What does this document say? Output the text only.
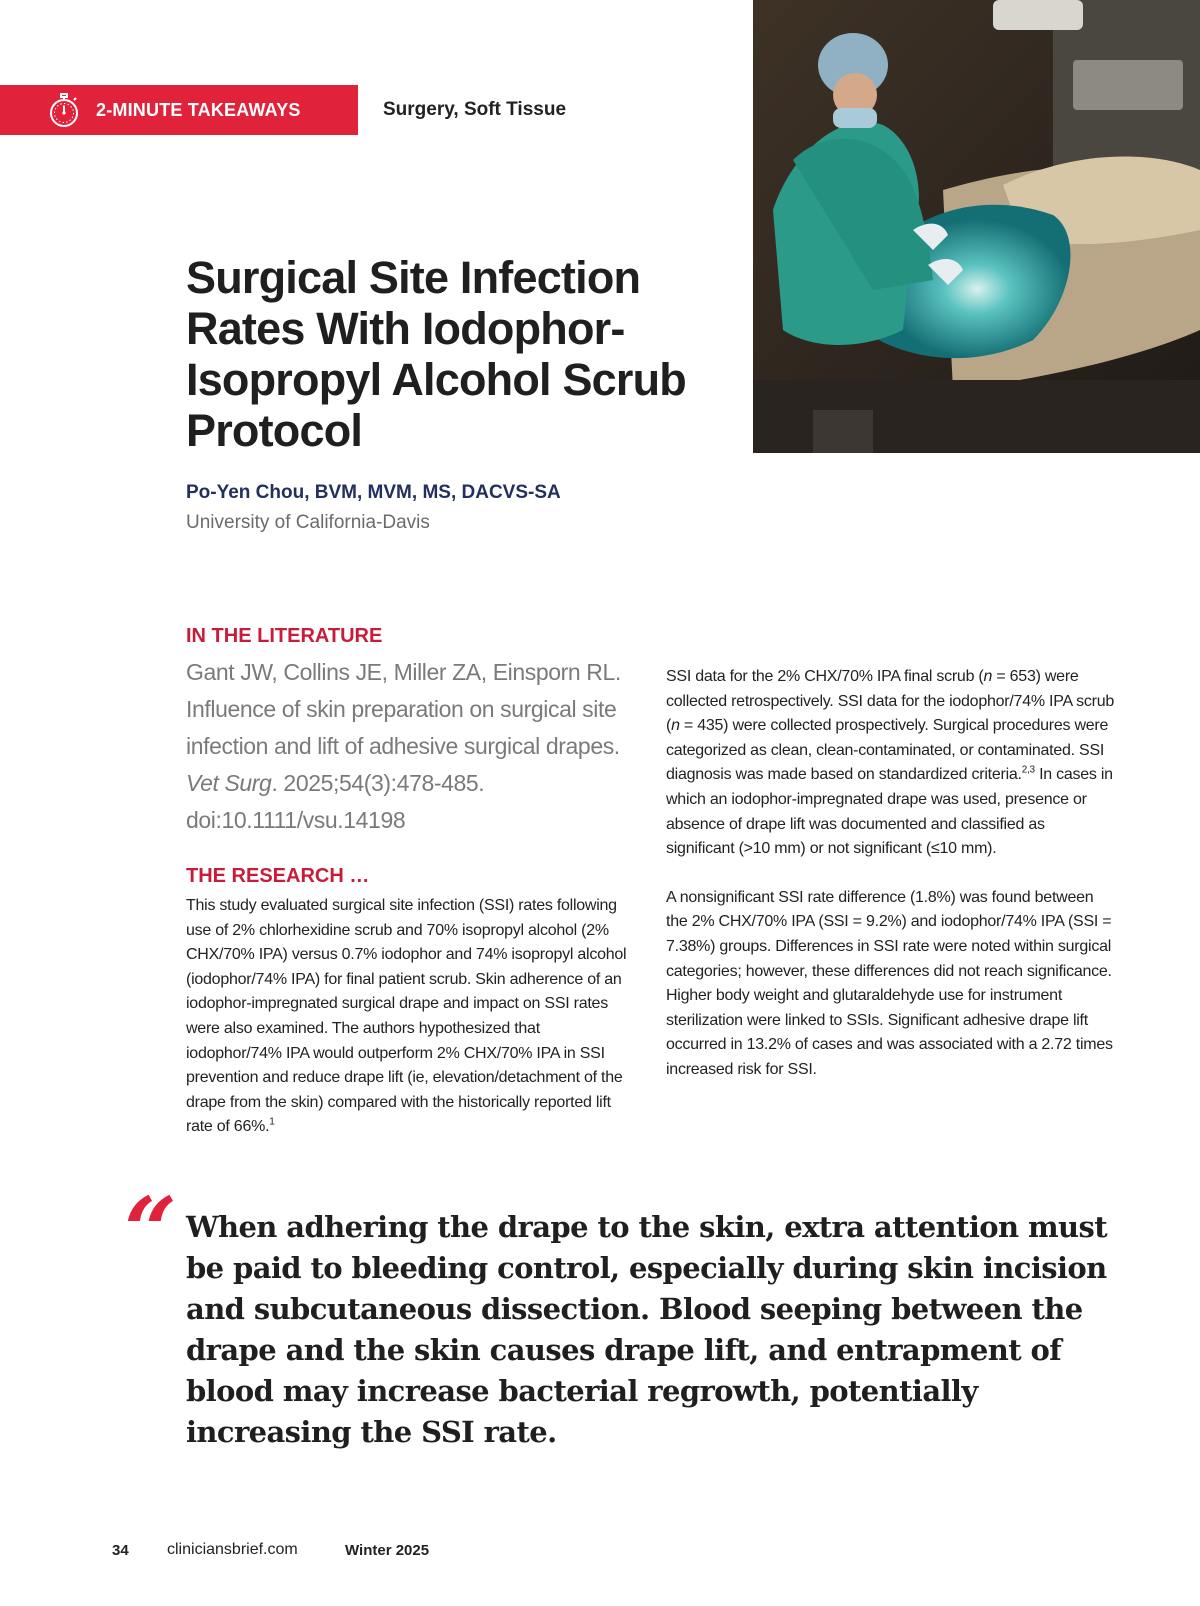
2-MINUTE TAKEAWAYS	Surgery, Soft Tissue
Surgical Site Infection Rates With Iodophor-Isopropyl Alcohol Scrub Protocol
Po-Yen Chou, BVM, MVM, MS, DACVS-SA
University of California-Davis
IN THE LITERATURE

Gant JW, Collins JE, Miller ZA, Einsporn RL. Influence of skin preparation on surgical site infection and lift of adhesive surgical drapes. Vet Surg. 2025;54(3):478-485. doi:10.1111/vsu.14198

THE RESEARCH …

This study evaluated surgical site infection (SSI) rates following use of 2% chlorhexidine scrub and 70% isopropyl alcohol (2% CHX/70% IPA) versus 0.7% iodophor and 74% isopropyl alcohol (iodophor/74% IPA) for final patient scrub. Skin adherence of an iodophor-impregnated surgical drape and impact on SSI rates were also examined. The authors hypothesized that iodophor/74% IPA would outperform 2% CHX/70% IPA in SSI prevention and reduce drape lift (ie, elevation/detachment of the drape from the skin) compared with the historically reported lift rate of 66%.$^1$

SSI data for the 2% CHX/70% IPA final scrub (n = 653) were collected retrospectively. SSI data for the iodophor/74% IPA scrub (n = 435) were collected prospectively. Surgical procedures were categorized as clean, clean-contaminated, or contaminated. SSI diagnosis was made based on standardized criteria.$^{2,3}$ In cases in which an iodophor-impregnated drape was used, presence or absence of drape lift was documented and classified as significant (>10 mm) or not significant (≤10 mm).

A nonsignificant SSI rate difference (1.8%) was found between the 2% CHX/70% IPA (SSI = 9.2%) and iodophor/74% IPA (SSI = 7.38%) groups. Differences in SSI rate were noted within surgical categories; however, these differences did not reach significance. Higher body weight and glutaraldehyde use for instrument sterilization were linked to SSIs. Significant adhesive drape lift occurred in 13.2% of cases and was associated with a 2.72 times increased risk for SSI.

“ When adhering the drape to the skin, extra attention must be paid to bleeding control, especially during skin incision and subcutaneous dissection. Blood seeping between the drape and the skin causes drape lift, and entrapment of blood may increase bacterial regrowth, potentially increasing the SSI rate.

34 cliniciansbrief.com	Winter 2025
